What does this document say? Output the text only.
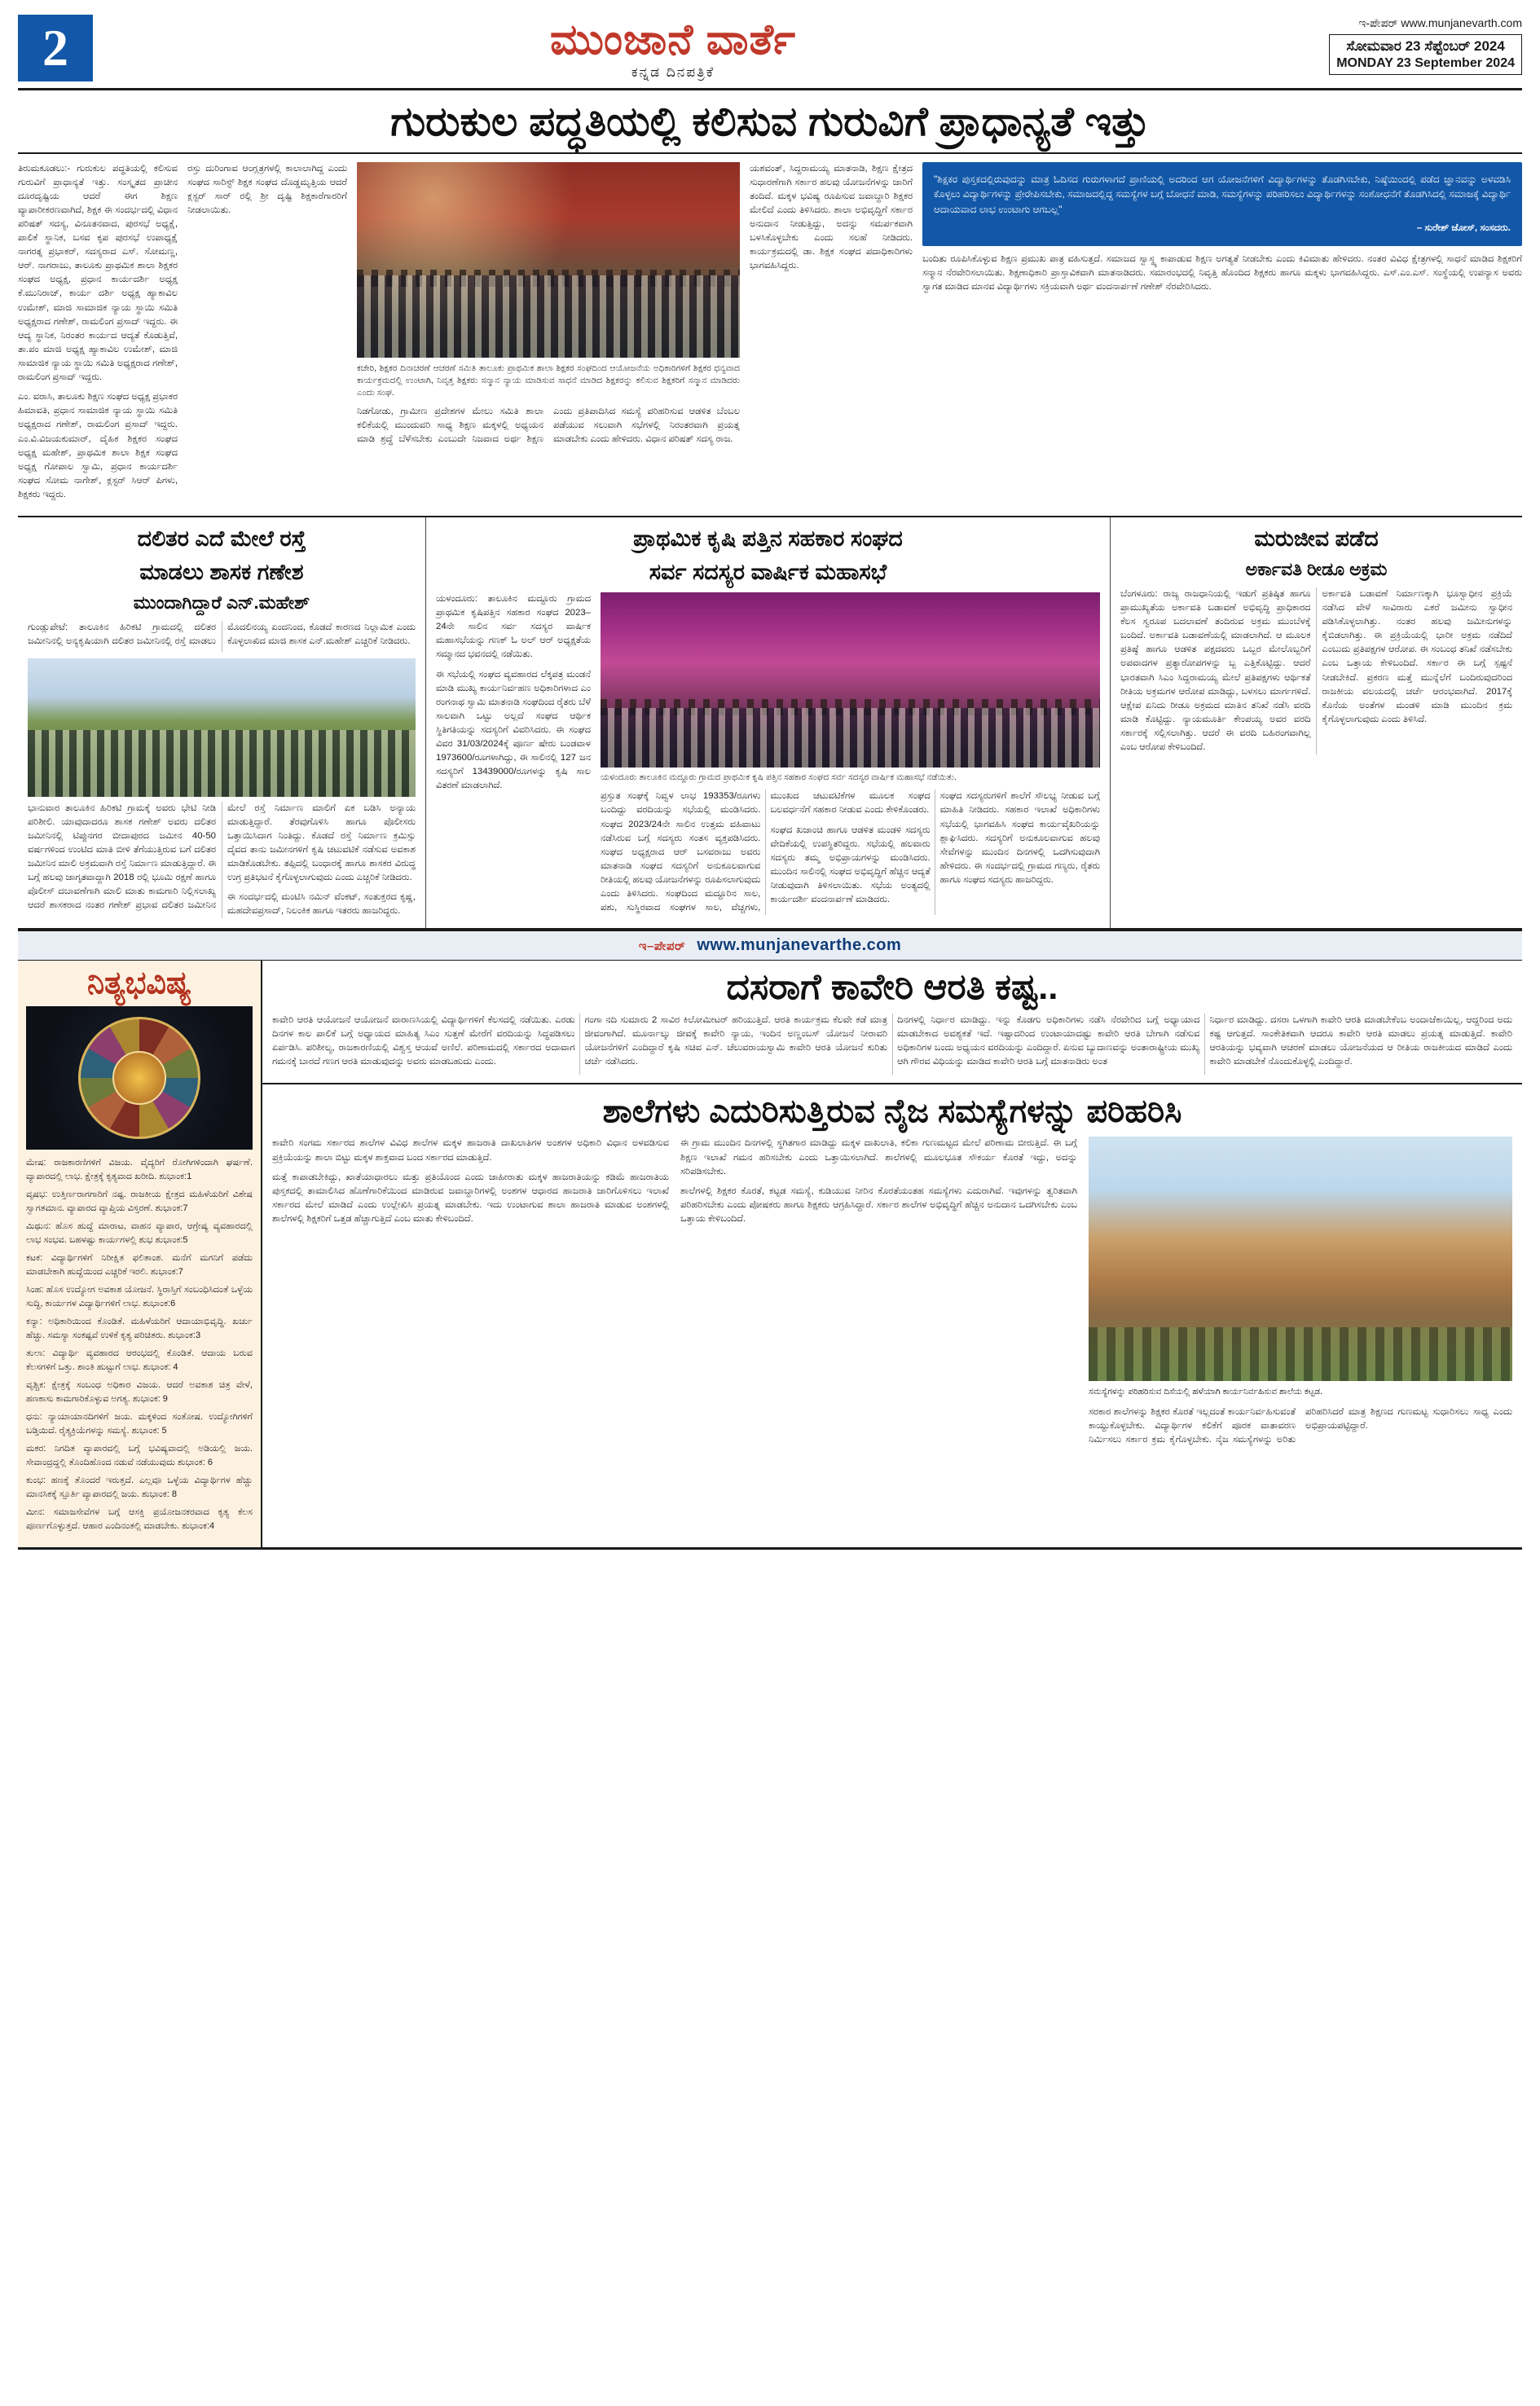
2	ಮುಂಜಾನೆ ವಾರ್ತೆ
ಕನ್ನಡ ದಿನಪತ್ರಿಕೆ
ಇ-ಪೇಪರ್ www.munjanevarth.com
ಸೋಮವಾರ 23 ಸೆಪ್ಟೆಂಬರ್ 2024
MONDAY 23 September 2024
ಗುರುಕುಲ ಪದ್ಧತಿಯಲ್ಲಿ ಕಲಿಸುವ ಗುರುವಿಗೆ ಪ್ರಾಧಾನ್ಯತೆ ಇತ್ತು

ತಿರುಮಕೂಡಲು:- ಗುರುಕುಲ ಪದ್ಧತಿಯಲ್ಲಿ ಕಲಿಸುವ ಗುರುವಿಗೆ ಪ್ರಾಧಾನ್ಯತೆ ಇತ್ತು. ಸಂಸ್ಕೃತದ ಪ್ರಾಚೀನ ದೂರದೃಷ್ಟಿಯ ಆದರೆ ಈಗ ಶಿಕ್ಷಣ ವ್ಯಾಪಾರೀಕರಣವಾಗಿದೆ, ಶಿಕ್ಷಕ ಈ ಸಂದರ್ಭದಲ್ಲಿ ವಿಧಾನ ಪರಿಷತ್ ಸದಸ್ಯ, ವಿನೂತನವಾದ, ಪುರಸಭೆ ಅಧ್ಯಕ್ಷೆ, ಪಾಲಿಕೆ ಸ್ಥಾನಿಕ, ಬಸವ ಕೃಪ ಪುರಸಭೆ ಉಪಾಧ್ಯಕ್ಷೆ ನಾಗರತ್ನ ಪ್ರಭಾಕರ್, ಸದಸ್ಯರಾದ ಎಸ್. ಸೋಮಣ್ಣ, ಆರ್. ನಾಗರಾಜು, ತಾಲೂಕು ಪ್ರಾಥಮಿಕ ಶಾಲಾ ಶಿಕ್ಷಕರ ಸಂಘದ ಅಧ್ಯಕ್ಷ, ಪ್ರಧಾನ ಕಾರ್ಯದರ್ಶಿ ಅಧ್ಯಕ್ಷ ಕೆ.ಮುನಿರಾಜ್, ಕಾರ್ಯ ದರ್ಶಿ ಅಧ್ಯಕ್ಷ ಹ್ಯಾಕಾವಿಲ ಉಮೇಶ್, ಮಾಜಿ ಸಾಮಾಜಿಕ ನ್ಯಾಯ ಸ್ಥಾಯಿ ಸಮಿತಿ ಅಧ್ಯಕ್ಷರಾದ ಗಣೇಶ್, ರಾಮಲಿಂಗ ಪ್ರಸಾದ್ ಇದ್ದರು. ಈ ಆದ್ಯ ಸ್ಥಾನಿಕ, ನಿರಂತರ ಕಾರ್ಯದ ಆದ್ಯತೆ ಕೊಡುತ್ತಿವೆ, ತಾ.ಪಂ ಮಾಜಿ ಅಧ್ಯಕ್ಷ ಹ್ಯಾಕಾವಿಲ ಉಮೇಶ್, ಮಾಜಿ ಸಾಮಾಜಿಕ ನ್ಯಾಯ ಸ್ಥಾಯಿ ಸಮಿತಿ ಅಧ್ಯಕ್ಷರಾದ ಗಣೇಶ್, ರಾಮಲಿಂಗ ಪ್ರಸಾದ್ ಇದ್ದರು.

ಎಂ. ವರಾಸಿ, ತಾಲೂಕು ಶಿಕ್ಷಣ ಸಂಘದ ಅಧ್ಯಕ್ಷ ಪ್ರಭಾಕರ ಹಿಮಾವತಿ, ಪ್ರಧಾನ ಸಾಮಾಜಿಕ ನ್ಯಾಯ ಸ್ಥಾಯಿ ಸಮಿತಿ ಅಧ್ಯಕ್ಷರಾದ ಗಣೇಶ್, ರಾಮಲಿಂಗ ಪ್ರಸಾದ್ ಇದ್ದರು. ಎಂ.ವಿ.ವಿಜಯಕುಮಾರ್, ದೈಹಿಕ ಶಿಕ್ಷಕರ ಸಂಘದ ಅಧ್ಯಕ್ಷ ಮಹೇಶ್, ಪ್ರಾಥಮಿಕ ಶಾಲಾ ಶಿಕ್ಷಕ ಸಂಘದ ಅಧ್ಯಕ್ಷ ಗೋಪಾಲ ಸ್ವಾಮಿ, ಪ್ರಧಾನ ಕಾರ್ಯದರ್ಶಿ ಸಂಘದ ಸೋಮ ನಾಗೇಶ್, ಕ್ಲಸ್ಟರ್ ಸಿಆರ್ ಪಿಗಳು, ಶಿಕ್ಷಕರು ಇದ್ದರು.

ರಸ್ತು ದುರಿಂಗಾವ ಆಂಗ್ಲತ್ರಗಳಲ್ಲಿ ಕಾಲಾಲಾಗಿದ್ದ ಎಂದು ಸಂಘದ ಸಾರಿಸ್ಟ್ ಶಿಕ್ಷಕ ಸಂಘದ ದೊಡ್ಡಮೃತ್ತಿಯ ಆದರೆ ಕ್ಲಸ್ಟರ್ ಸಾರ್ ರಲ್ಲಿ ಶ್ರೀ ದೃಷ್ಟಿ ಶಿಕ್ಷಕಾರೆಗಾರರಿಗೆ ನೀಡಲಾಯಿತು.

ಕಚೇರಿ, ಶಿಕ್ಷಕರ ದಿನಾಚರಣೆ ಆಚರಣೆ ಸಮಿತಿ ತಾಲೂಕು ಪ್ರಾಥಮಿಕ ಶಾಲಾ ಶಿಕ್ಷಕರ ಸಂಘದಿಂದ ಆಯೋಜನೆಯ ಅಧಿಕಾರಿಗಳಿಗೆ ಶಿಕ್ಷಕರ ಧನ್ಯವಾದ ಕಾರ್ಯಕ್ರಮದಲ್ಲಿ ಉಂಟಾಗಿ, ನಿವೃತ್ತ ಶಿಕ್ಷಕರು ಸನ್ಮಾನ ನ್ಯಾಯ ಮಾಡಿಸುವ ಸಾಧನೆ ಮಾಡಿದ ಶಿಕ್ಷಕರನ್ನು ಕಲಿಸುವ ಶಿಕ್ಷಕರಿಗೆ ಸನ್ಮಾನ ಮಾಡಿದರು ಎಂದು ಸಂಘ.

ನಿಡಗೋಡು, ಗ್ರಾಮೀಣ ಪ್ರದೇಶಗಳ ಮೇಲು ಸಮಿತಿ ಶಾಲಾ ಕಲಿಕೆಯಲ್ಲಿ ಮುಂದುವರಿ ಸಾಧ್ಯ ಶಿಕ್ಷಣ ಮಕ್ಕಳಲ್ಲಿ ಅಧ್ಯಯನ ಮಾಡಿ ಶ್ರದ್ಧೆ ಬೆಳೆಸಬೇಕು ಎಂಬುದೇ ನಿಜವಾದ ಅರ್ಥ ಶಿಕ್ಷಣ ಎಂದು ಪ್ರತಿಪಾದಿಸಿದ ಸಮಸ್ಯೆ ಪರಿಹರಿಸುವ ಆಡಳಿತ ಬೆಂಬಲ ಪಡೆಯುವ ಸಲುವಾಗಿ ಸಭೆಗಳಲ್ಲಿ ನಿರಂತರವಾಗಿ ಪ್ರಯತ್ನ ಮಾಡಬೇಕು ಎಂದು ಹೇಳಿದರು. ವಿಧಾನ ಪರಿಷತ್ ಸದಸ್ಯ ರಾಜ.

ಯಶವಂತ್, ಸಿದ್ದರಾಮಯ್ಯ ಮಾತನಾಡಿ, ಶಿಕ್ಷಣ ಕ್ಷೇತ್ರದ ಸುಧಾರಣೆಗಾಗಿ ಸರ್ಕಾರ ಹಲವು ಯೋಜನೆಗಳನ್ನು ಜಾರಿಗೆ ತಂದಿದೆ. ಮಕ್ಕಳ ಭವಿಷ್ಯ ರೂಪಿಸುವ ಜವಾಬ್ದಾರಿ ಶಿಕ್ಷಕರ ಮೇಲಿದೆ ಎಂದು ತಿಳಿಸಿದರು. ಶಾಲಾ ಅಭಿವೃದ್ಧಿಗೆ ಸರ್ಕಾರ ಅನುದಾನ ನೀಡುತ್ತಿದ್ದು, ಅದನ್ನು ಸಮರ್ಪಕವಾಗಿ ಬಳಸಿಕೊಳ್ಳಬೇಕು ಎಂದು ಸಲಹೆ ನೀಡಿದರು. ಕಾರ್ಯಕ್ರಮದಲ್ಲಿ ಡಾ. ಶಿಕ್ಷಕ ಸಂಘದ ಪದಾಧಿಕಾರಿಗಳು ಭಾಗವಹಿಸಿದ್ದರು.

"ಶಿಕ್ಷಕರ ಪುಸ್ತಕದಲ್ಲಿರುವುದನ್ನು ಮಾತ್ರ ಓದಿಸದ ಗುರುಗಳಾಗದೆ ಪ್ರಾಣಿಯಲ್ಲಿ ಅದರಿಂದ ಆಗ ಯೋಜನೆಗಳಿಗೆ ವಿದ್ಯಾರ್ಥಿಗಳನ್ನು ತೊಡಗಿಸಬೇಕು, ನಿಷ್ಠೆಯಿಂದಲ್ಲಿ ಪಡೆದ ಜ್ಞಾನವನ್ನು ಅಳವಡಿಸಿ ಕೊಳ್ಳಲು ವಿದ್ಯಾರ್ಥಿಗಳನ್ನು ಪ್ರೇರೇಪಿಸಬೇಕು, ಸಮಾಜದಲ್ಲಿದ್ದ ಸಮಸ್ಯೆಗಳ ಬಗ್ಗೆ ಬೋಧನೆ ಮಾಡಿ, ಸಮಸ್ಯೆಗಳನ್ನು ಪರಿಹರಿಸಲು ವಿದ್ಯಾರ್ಥಿಗಳನ್ನು ಸಂಶೋಧನೆಗೆ ತೊಡಗಿಸಿದಲ್ಲಿ ಸಮಾಜಕ್ಕೆ ವಿದ್ಯಾರ್ಥಿ ಆದಾಯವಾದ ಲಾಭ ಉಂಟಾಗು ಆಗಬಲ್ಲ"
– ಸುರೇಶ್ ಜೋಸ್, ಸಂಸದರು.

ಬಂದಿತು ರೂಪಿಸಿಕೊಳ್ಳುವ ಶಿಕ್ಷಣ ಪ್ರಮುಖ ಪಾತ್ರ ವಹಿಸುತ್ತದೆ. ಸಮಾಜದ ಸ್ವಾಸ್ಥ್ಯ ಕಾಪಾಡುವ ಶಿಕ್ಷಣ ಅಗತ್ಯತೆ ನೀಡಬೇಕು ಎಂದು ಕಿವಿಮಾತು ಹೇಳಿದರು. ನಂತರ ವಿವಿಧ ಕ್ಷೇತ್ರಗಳಲ್ಲಿ ಸಾಧನೆ ಮಾಡಿದ ಶಿಕ್ಷಕರಿಗೆ ಸನ್ಮಾನ ನೆರವೇರಿಸಲಾಯಿತು. ಶಿಕ್ಷಣಾಧಿಕಾರಿ ಪ್ರಾಸ್ತಾವಿಕವಾಗಿ ಮಾತನಾಡಿದರು. ಸಮಾರಂಭದಲ್ಲಿ ನಿವೃತ್ತಿ ಹೊಂದಿದ ಶಿಕ್ಷಕರು ಹಾಗೂ ಮಕ್ಕಳು ಭಾಗವಹಿಸಿದ್ದರು. ಎಸ್.ಎಂ.ಎಸ್. ಸಂಸ್ಥೆಯಲ್ಲಿ ಉಪನ್ಯಾಸ ಅವರು ಸ್ವಾಗತ ಮಾಡಿದ ಮಾನವ ವಿದ್ಯಾರ್ಥಿಗಳು ಸಕ್ರಿಯವಾಗಿ ಅರ್ಥ ವಂದನಾರ್ಪಣೆ ಗಣೇಶ್ ನೆರವೇರಿಸಿದರು.

ದಲಿತರ ಎದೆ ಮೇಲೆ ರಸ್ತೆ
ಮಾಡಲು ಶಾಸಕ ಗಣೇಶ
ಮುಂದಾಗಿದ್ದಾರೆ ಎನ್.ಮಹೇಶ್

ಗುಂಡ್ಲುಪೇಟೆ: ತಾಲೂಕಿನ ಹಿರಿಕಟಿ ಗ್ರಾಮದಲ್ಲಿ ದಲಿತರ ಜಮೀನಿನಲ್ಲಿ ಅನ್ಯಕೃಷಿಯಾಗಿ ದಲಿತರ ಜಮೀನಿನಲ್ಲಿ ರಸ್ತೆ ಮಾಡಲು ಮೊದಲಿನಯ್ಯ ಏಂದನಿಂದ, ಕೊಡದೆ ಕಾರಣದ ನಿಲ್ಲಾಮಿಕ ಎಂದು ಕೊಳ್ಳಲಾಖಿದ ಮಾಜಿ ಶಾಸಕ ಎನ್.ಮಹೇಶ್ ಎಚ್ಚರಿಕೆ ನೀಡಿದರು.

ಭಾನುವಾರ ತಾಲೂಕಿನ ಹಿರಿಕಟಿ ಗ್ರಾಮಕ್ಕೆ ಅವರು ಭೇಟಿ ನೀಡಿ ಪರಿಶೀಲಿ. ಯಾವುದಾದರೂ ಶಾಸಕ ಗಣೇಶ್ ಅವರು ದಲಿತರ ಜಮೀನಿನಲ್ಲಿ ಟಿಪ್ಪುನಗರ ಬೀದಾಪುರದ ಜಮೀನ 40-50 ವರ್ಷಗಳಿಂದ ಉಂಟಿದ ಮಾತಿ ಬೀಳಿ ತೆಗೆಯುತ್ತಿರುವ ಬಗೆ ದಲಿತರ ಜಮೀನಿನ ಮಾಲಿ ಅಕ್ರಮವಾಗಿ ರಸ್ತೆ ನಿರ್ಮಾಣ ಮಾಡುತ್ತಿದ್ದಾರೆ. ಈ ಬಗ್ಗೆ ಹಲವು ಜಾಗೃತವಾದ್ದಾಗಿ 2018 ರಲ್ಲಿ ಭೂಮಿ ರಕ್ಷಣೆ ಹಾಗೂ ಪೊಲೀಸ್ ದಬಾವಣೆಗಾಗಿ ಮಾಲಿ ಮಾತು ಕಾಮಗಾರಿ ನಿಲ್ಲಿಸಲಾಖ್ಯ ಆದರೆ ಶಾಸಕರಾದ ನಂತರ ಗಣೇಶ್ ಪ್ರಭಾವ ದಲಿತರ ಜಮೀನಿನ ಮೇಲೆ ರಸ್ತೆ ನಿರ್ಮಾಣ ಮಾಲಿಗೆ ಏಕ ಬಡಿಸಿ ಅನ್ಯಾಯ ಮಾಡುತ್ತಿದ್ದಾರೆ. ತೆರವುಗೊಳಿಸಿ ಹಾಗೂ ಪೊಲೀಸರು ಒತ್ತಾಯಿಸಿದಾಗ ನಿಂತಿದ್ದು. ಕೊಡದೆ ರಸ್ತೆ ನಿರ್ಮಾಣ ಕ್ರಮಿಸ್ಸು ದೈವದ ತಾನು ಜಮೀನಗಳಿಗೆ ಕೃಷಿ ಚಟುವಟಿಕೆ ನಡೆಸುವ ಅವಕಾಶ ಮಾಡಿಕೊಡಬೇಕು. ತಪ್ಪಿದಲ್ಲಿ ಬಂಧಾರಕ್ಕೆ ಹಾಗೂ ಶಾಸಕರ ವಿರುದ್ಧ ಉಗ್ರ ಪ್ರತಿಭಟನೆ ಕೈಗೊಳ್ಳಲಾಗುವುದು ಎಂದು ಎಚ್ಚರಿಕೆ ನೀಡಿದರು.

ಈ ಸಂದರ್ಭದಲ್ಲಿ ಮಂಟಿಸಿ ನಮಿನ್ ವೆಂಕಟ್, ಸಂತುಕ್ತರದ ಕೃಷ್ಣ, ಮಹದೇವಪ್ರಸಾದ್, ನಿಲಂಕಿಕ ಹಾಗೂ ಇತರರು ಹಾಜರಿದ್ದರು.

ಪ್ರಾಥಮಿಕ ಕೃಷಿ ಪತ್ತಿನ ಸಹಕಾರ ಸಂಘದ
ಸರ್ವ ಸದಸ್ಯರ ವಾರ್ಷಿಕ ಮಹಾಸಭೆ

ಯಳಂದೂರು: ತಾಲೂಕಿನ ಮದ್ದೂರು ಗ್ರಾಮದ ಪ್ರಾಥಮಿಕ ಕೃಷಿಪತ್ತಿನ ಸಹಕಾರ ಸಂಘದ 2023–24ನೇ ಸಾಲಿನ ಸರ್ವ ಸದಸ್ಯರ ವಾರ್ಷಿಕ ಮಹಾಸಭೆಯನ್ನು ಗಣಕ್ ಓ ಅಲ್ ಆರ್ ಅಧ್ಯಕ್ಷತೆಯ ಸಮ್ಮಾನದ ಭವನದಲ್ಲಿ ನಡೆಯಿತು.

ಈ ಸಭೆಯಲ್ಲಿ ಸಂಘದ ವ್ಯವಹಾರದ ಲೆಕ್ಕಪತ್ರ ಮಂಡನೆ ಮಾಡಿ ಮುಖ್ಯ ಕಾರ್ಯನಿರ್ವಹಣ ಅಧಿಕಾರಿಗಳಾದ ಎಂ ರಂಗನಾಥ ಸ್ವಾಮಿ ಮಾತನಾಡಿ ಸಂಘದಿಂದ ರೈತರು ಬೆಳೆ ಸಾಲವಾಗಿ ಒಟ್ಟು ಅಲ್ಲದೆ ಸಂಘದ ಆರ್ಥಿಕ ಸ್ಥಿತಿಗತಿಯನ್ನು ಸದಸ್ಯರಿಗೆ ವಿವರಿಸಿದರು. ಈ ಸಂಘದ ವಿವರ 31/03/2024ಕ್ಕೆ ಪೂರ್ಣ ಷೇರು ಬಂಡವಾಳ 1973600/ರೂಗಳಾಗಿದ್ದು, ಈ ಸಾಲಿನಲ್ಲಿ 127 ಜನ ಸದಸ್ಯರಿಗೆ 13439000/ರೂಗಳನ್ನು ಕೃಷಿ ಸಾಲ ವಿತರಣೆ ಮಾಡಲಾಗಿದೆ.

ಯಳಂದೂರು ತಾಲೂಕಿನ ಮದ್ದೂರು ಗ್ರಾಮದ ಪ್ರಾಥಮಿಕ ಕೃಷಿ ಪತ್ತಿನ ಸಹಕಾರ ಸಂಘದ ಸರ್ವ ಸದಸ್ಯರ ವಾರ್ಷಿಕ ಮಹಾಸಭೆ ನಡೆಯಿತು.

ಪ್ರಸ್ತುತ ಸಂಘಕ್ಕೆ ನಿವ್ವಳ ಲಾಭ 193353/ರೂಗಳು ಬಂದಿದ್ದು ವರದಿಯನ್ನು ಸಭೆಯಲ್ಲಿ ಮಂಡಿಸಿದರು. ಸಂಘದ 2023/24ನೇ ಸಾಲಿನ ಉತ್ತಮ ವಹಿವಾಟು ನಡೆಸಿರುವ ಬಗ್ಗೆ ಸದಸ್ಯರು ಸಂತಸ ವ್ಯಕ್ತಪಡಿಸಿದರು. ಸಂಘದ ಅಧ್ಯಕ್ಷರಾದ ಆರ್ ಬಸವರಾಜು ಅವರು ಮಾತನಾಡಿ ಸಂಘದ ಸದಸ್ಯರಿಗೆ ಅನುಕೂಲವಾಗುವ ರೀತಿಯಲ್ಲಿ ಹಲವು ಯೋಜನೆಗಳನ್ನು ರೂಪಿಸಲಾಗುವುದು ಎಂದು ತಿಳಿಸಿದರು. ಸಂಘದಿಂದ ಮದ್ದೂರಿನ ಸಾಲ, ಪಶು, ಸುಸ್ಥಿರವಾದ ಸಂಘಗಳ ಸಾಲ, ವೆಚ್ಚಗಳು, ಮುಂಖದ ಚಟುವಟಿಕೆಗಳ ಮೂಲಕ ಸಂಘದ ಬಲವರ್ಧನೆಗೆ ಸಹಕಾರ ನೀಡುವ ಎಂದು ಕೇಳಿಕೊಂಡರು.

ಸಂಘದ ಖಜಾಂಚಿ ಹಾಗೂ ಆಡಳಿತ ಮಂಡಳಿ ಸದಸ್ಯರು ವೇದಿಕೆಯಲ್ಲಿ ಉಪಸ್ಥಿತರಿದ್ದರು. ಸಭೆಯಲ್ಲಿ ಹಲವಾರು ಸದಸ್ಯರು ತಮ್ಮ ಅಭಿಪ್ರಾಯಗಳನ್ನು ಮಂಡಿಸಿದರು. ಮುಂದಿನ ಸಾಲಿನಲ್ಲಿ ಸಂಘದ ಅಭಿವೃದ್ಧಿಗೆ ಹೆಚ್ಚಿನ ಆದ್ಯತೆ ನೀಡುವುದಾಗಿ ತಿಳಿಸಲಾಯಿತು. ಸಭೆಯ ಅಂತ್ಯದಲ್ಲಿ ಕಾರ್ಯದರ್ಶಿ ವಂದನಾರ್ಪಣೆ ಮಾಡಿದರು.

ಸಂಘದ ಸದಸ್ಯರುಗಳಿಗೆ ಶಾಲೆಗೆ ಸೌಲಭ್ಯ ನೀಡುವ ಬಗ್ಗೆ ಮಾಹಿತಿ ನೀಡಿದರು. ಸಹಕಾರ ಇಲಾಖೆ ಅಧಿಕಾರಿಗಳು ಸಭೆಯಲ್ಲಿ ಭಾಗವಹಿಸಿ ಸಂಘದ ಕಾರ್ಯವೈಖರಿಯನ್ನು ಶ್ಲಾಘಿಸಿದರು. ಸದಸ್ಯರಿಗೆ ಅನುಕೂಲವಾಗುವ ಹಲವು ಸೇವೆಗಳನ್ನು ಮುಂದಿನ ದಿನಗಳಲ್ಲಿ ಒದಗಿಸುವುದಾಗಿ ಹೇಳಿದರು. ಈ ಸಂದರ್ಭದಲ್ಲಿ ಗ್ರಾಮದ ಗಣ್ಯರು, ರೈತರು ಹಾಗೂ ಸಂಘದ ಸದಸ್ಯರು ಹಾಜರಿದ್ದರು.

ಮರುಜೀವ ಪಡೆದ
ಅರ್ಕಾವತಿ ರೀಡೂ ಅಕ್ರಮ

ಬೆಂಗಳೂರು: ರಾಜ್ಯ ರಾಜಧಾನಿಯಲ್ಲಿ ಇಡುಗೆ ಪ್ರತಿಷ್ಠಿತ ಹಾಗೂ ಪ್ರಾಮುಖ್ಯತೆಯ ಅರ್ಕಾವತಿ ಬಡಾವಣೆ ಅಭಿವೃದ್ಧಿ ಪ್ರಾಧಿಕಾರದ ಕೆಲಸ ಸ್ವರೂಪ ಬದಲಾವಣೆ ತಂದಿರುವ ಅಕ್ರಮ ಮುಂಬೆಳಕ್ಕೆ ಬಂದಿದೆ. ಅರ್ಕಾವತಿ ಬಡಾವಣೆಯಲ್ಲಿ ಮಾಡಲಾಗಿದೆ. ಆ ಮೂಲಕ ಪ್ರತಿಷ್ಠೆ ಹಾಗೂ ಆಡಳಿತ ಪಕ್ಷದವರು ಒಬ್ಬರ ಮೇಲೊಬ್ಬರಿಗೆ ಅಪವಾದಗಳ ಪ್ರತ್ಯಾರೋಪಗಳನ್ನು ಬ್ಬ ಎತ್ತಿಕೊಟ್ಟಿದ್ದು. ಆದರೆ ಭಾರತವಾಗಿ ಸಿಎಂ ಸಿದ್ದರಾಮಯ್ಯ ಮೇಲೆ ಪ್ರತಿಪಕ್ಷಗಳು ಆರ್ಥಿಕತೆ ರೀತಿಯ ಅಕ್ರಮಗಳ ಆರೋಪ ಮಾಡಿದ್ದು, ಬಳಸಲು ಮಾರ್ಗಗಳಿದೆ. ಆಕ್ಷೇಪ ಏನಿದು ರೀಡೂ ಅಕ್ರಮದ ಮಾತಿನ ತನಿಖೆ ನಡೆಸಿ ವರದಿ ಮಾಡಿ ಕೊಟ್ಟಿದ್ದು. ನ್ಯಾಯಮೂರ್ತಿ ಕೇಂಪಯ್ಯ ಅವರ ವರದಿ ಸರ್ಕಾರಕ್ಕೆ ಸಲ್ಲಿಸಲಾಗಿತ್ತು. ಆದರೆ ಈ ವರದಿ ಬಹಿರಂಗವಾಗಿಲ್ಲ ಎಂಬ ಆರೋಪ ಕೇಳಿಬಂದಿದೆ.

ಅರ್ಕಾವತಿ ಬಡಾವಣೆ ನಿರ್ಮಾಣಕ್ಕಾಗಿ ಭೂಸ್ವಾಧೀನ ಪ್ರಕ್ರಿಯೆ ನಡೆಸಿದ ವೇಳೆ ಸಾವಿರಾರು ಎಕರೆ ಜಮೀನು ಸ್ವಾಧೀನ ಪಡಿಸಿಕೊಳ್ಳಲಾಗಿತ್ತು. ನಂತರ ಹಲವು ಜಮೀನುಗಳನ್ನು ಕೈಬಿಡಲಾಗಿತ್ತು. ಈ ಪ್ರಕ್ರಿಯೆಯಲ್ಲಿ ಭಾರೀ ಅಕ್ರಮ ನಡೆದಿದೆ ಎಂಬುದು ಪ್ರತಿಪಕ್ಷಗಳ ಆರೋಪ. ಈ ಸಂಬಂಧ ತನಿಖೆ ನಡೆಸಬೇಕು ಎಂಬ ಒತ್ತಾಯ ಕೇಳಿಬಂದಿದೆ. ಸರ್ಕಾರ ಈ ಬಗ್ಗೆ ಸ್ಪಷ್ಟನೆ ನೀಡಬೇಕಿದೆ. ಪ್ರಕರಣ ಮತ್ತೆ ಮುನ್ನೆಲೆಗೆ ಬಂದಿರುವುದರಿಂದ ರಾಜಕೀಯ ವಲಯದಲ್ಲಿ ಚರ್ಚೆ ಆರಂಭವಾಗಿದೆ. 2017ಕ್ಕೆ ಕೊನೆಯ ಅಂತೆಗಳ ಮಂಡಳಿ ಮಾಡಿ ಮುಂದಿನ ಕ್ರಮ ಕೈಗೊಳ್ಳಲಾಗುವುದು ಎಂದು ತಿಳಿಸಿದೆ.

ಇ–ಪೇಪರ್ www.munjanevarthe.com
ನಿತ್ಯಭವಿಷ್ಯ

ಮೇಷ: ರಾಜಕಾರಣಿಗಳಿಗೆ ವಿಜಯ. ವೈದ್ಯರಿಗೆ ರೋಗಿಗಳಿಂದಾಗಿ ಘರ್ಷಣೆ. ವ್ಯಾಪಾರದಲ್ಲಿ ಲಾಭ. ಕ್ಷೇತ್ರಕ್ಕೆ ಕೃತ್ಯವಾದ ಖರೀದಿ. ಶುಭಾಂಕ:1

ವೃಷಭ: ಉತ್ತಿರ್ಣರಾಗಗಾರಿಗೆ ನಷ್ಟ. ರಾಜಕೀಯ ಕ್ಷೇತ್ರದ ಮಹಿಳೆಯರಿಗೆ ವಿಶೇಷ ಸ್ವಾಗತಮಾನ. ವ್ಯಾಪಾರದ ವ್ಯಾಪ್ತಿಯ ವಿಸ್ತರಣೆ. ಶುಭಾಂಕ:7

ಮಿಥುನ: ಹೊಸ ಹುದ್ದೆ ಮಾರಾಟ, ವಾಹನ ವ್ಯಾಪಾರ, ಆಗ್ರೇಷ್ಯ ವ್ಯವಹಾರದಲ್ಲಿ ಲಾಭ ಸಂಭವ. ಬಹಳಷ್ಟು ಕಾರ್ಯಗಳಲ್ಲಿ ಶುಭ ಶುಭಾಂಕ:5

ಕಟಕ: ವಿದ್ಯಾರ್ಥಿಗಳಿಗೆ ನಿರೀಕ್ಷಿತ ಫಲಿತಾಂಶ. ಮನೆಗೆ ಮಗನಿಗೆ ಪಡೆದು ಮಾಡಬೇಕಾಗಿ ಹುದ್ದೆಯಿಂದ ಎಚ್ಚರಿಕೆ ಇರಲಿ. ಶುಭಾಂಕ:7

ಸಿಂಹ: ಹೊಸ ಉದ್ಯೋಗ ಅವಕಾಶ ಯೋಜನೆ. ಸ್ಥಿರಾಸ್ತಿಗೆ ಸಂಬಂಧಿಸಿದಂತೆ ಒಳ್ಳೆಯ ಸುದ್ದಿ, ಕಾರ್ಯಗಳ ವಿದ್ಯಾರ್ಥಿಗಳಿಗೆ ಲಾಭ. ಶುಭಾಂಕ:6

ಕನ್ಯಾ: ಅಧಿಕಾರಿಯಿಂದ ಕೊಂಡಿತೆ. ಮಹಿಳೆಯರಿಗೆ ಆದಾಯಾಭಿವೃದ್ಧಿ. ಖರ್ಚು ಹೆಚ್ಚು. ಸಮಸ್ಯಾ ಸಂಕಷ್ಟವೆ ಉಳಿಕೆ ಕೃತ್ಯ ಪರಿಚಿತರು. ಶುಭಾಂಕ:3

ತುಲಾ: ವಿದ್ಯಾರ್ಥಿ ವ್ಯವಹಾರದ ಆರಂಭದಲ್ಲಿ ಕೊಂಡಿತೆ. ಆದಾಯ ಬರುವ ಕೆಲಸಗಳಿಗೆ ಒತ್ತು. ಶಾಂತಿ ಹುಟ್ಟುಗೆ ಲಾಭ. ಶುಭಾಂಕ: 4

ವೃಶ್ಚಿಕ: ಕ್ಷೇತ್ರಕ್ಕೆ ಸಂಬಂಧ ಅಧಿಕಾರ ವಿಜಯ. ಆದರೆ ಅವಕಾಶ ಚಿತ್ರ ವೇಳೆ, ಹಣಕಾಸು ಕಾಮಗಾರಿಕೊಳ್ಳುವ ಅಗತ್ಯ. ಶುಭಾಂಕ: 9

ಧನು: ನ್ಯಾಯಾಯಾನದಿಗಳಿಗೆ ಜಯ. ಮಕ್ಕಳಿಂದ ಸಂತೋಷ. ಉದ್ಯೋಗಿಗಳಿಗೆ ಬಡ್ತಿಯಿದೆ. ರೈತ್ಯಕ್ರಿಯೆಗಳನ್ನು ಸಮಸ್ಯೆ. ಶುಭಾಂಕ: 5

ಮಕರ: ನಿಗದಿತ ವ್ಯಾಪಾರದಲ್ಲಿ ಬಗ್ಗೆ ಭವಿಷ್ಯವಾದಲ್ಲಿ ಅಡಿಯಲ್ಲಿ ಜಯ. ಸೇವಾಂದ್ರದ್ದಲ್ಲಿ ತೊಂದಿಹೊಂದ ನಡುವೆ ನಡೆಯುವುದು ಶುಭಾಂಕ: 6

ಕುಂಭ: ಹಣಕ್ಕೆ ತೊಂದರೆ ಇರುತ್ತದೆ. ಎಲ್ಲವೂ ಒಳ್ಳೆಯ ವಿದ್ಯಾರ್ಥಿಗಳ ಹೆಚ್ಚು ಮಾನಸಿಕಕ್ಕೆ ಸ್ಪೂರ್ತಿ ವ್ಯಾಪಾರದಲ್ಲಿ ಜಯ. ಶುಭಾಂಕ: 8

ಮೀನ: ಸಮಾಜಸೇವೆಗಳ ಬಗ್ಗೆ ಆಸಕ್ತಿ ಪ್ರಯೋಜನಕರವಾದ ಕೃತ್ಯ ಕೆಲಸ ಪೂರ್ಣಗೊಳ್ಳುತ್ತದೆ. ಆಹಾರ ಎಂದಿನಂತಲ್ಲಿ ಮಾಡಬೇಕು. ಶುಭಾಂಕ:4

ದಸರಾಗೆ ಕಾವೇರಿ ಆರತಿ ಕಷ್ಟ..

ಕಾವೇರಿ ಆರತಿ ಆಯೋಜನೆ ಆಯೋಜನೆ ವಾರಾಣಸಿಯಲ್ಲಿ ವಿದ್ಯಾರ್ಥಿಗಳಿಗೆ ಕೆಲಸದಲ್ಲಿ ನಡೆಯಿತು. ಎರಡು ದಿನಗಳ ಕಾಲ ಪಾಲಿಕೆ ಬಗ್ಗೆ ಅಧ್ಯಾಯದ ಮಾಹಿತ್ಯ ಸಿಎಂ ಸುತ್ತಣೆ ಮೇರೆಗೆ ವರದಿಯನ್ನು ಸಿದ್ಧಪಡಿಸಲು ಏರ್ಪಡಿಸಿ. ಪರಿಶೀಲ್ಯ, ರಾಜಕಾರಣಿಯಲ್ಲಿ ವಿಶ್ವಸ್ತ ಆಯವೆ ಅಣಿಲೆ. ಪರಿಣಾಮದಲ್ಲಿ ಸರ್ಕಾರದ ಅದಾವಾಗ ಗಮನಕ್ಕೆ ಬಾರದೆ ಗಣಗ ಆರತಿ ಮಾಡುವುದನ್ನು ಅವರು ಮಾಡಬಹುದು ಎಂದು.

ಗಂಗಾ ನದಿ ಸುಮಾರು 2 ಸಾವಿರ ಕಿಲೋಮೀಟರ್ ಹರಿಯುತ್ತಿದೆ. ಆರತಿ ಕಾರ್ಯಕ್ರಮ ಕೆಲವೇ ಕಡೆ ಮಾತ್ರ ಜೀವಂಗಾಗಿದೆ. ಮೂರ್ನಾಲ್ಕು ಜೀವಕ್ಕೆ ಕಾವೇರಿ ನ್ಯಾಯ, ಇಂದಿನ ಅಣ್ಣಂಬಸ್ ಯೋಜನೆ ನೀರಾವರಿ ಯೋಜನೆಗಳಿಗೆ ಎಂದಿದ್ದಾರೆ ಕೃಷಿ ಸಚಿವ ಎನ್. ಚೆಲುವರಾಯಸ್ವಾಮಿ ಕಾವೇರಿ ಆರತಿ ಯೋಜನೆ ಕುರಿತು ಚರ್ಚೆ ನಡೆಸಿದರು.

ದಿನಗಳಲ್ಲಿ ನಿರ್ಧಾರ ಮಾಡಿದ್ದು. ಇನ್ನು ಕೊಡಗು ಅಧಿಕಾರಿಗಳು ನಡೆಸಿ ನೆರವೇರಿದ ಬಗ್ಗೆ ಅಧ್ಯಾಯಾದ ಮಾಡಬೇಕಾದ ಅವಶ್ಯಕತೆ ಇದೆ. ಇಷ್ಟಾದರಿಂದ ಉಂಟಾಯಾದಷ್ಟು ಕಾವೇರಿ ಆರತಿ ಬೇಗಾಗಿ ನಡೆಸುವ ಅಧಿಕಾರಿಗಳ ಬಂದು ಅಧ್ಯಯನ ವರದಿಯನ್ನು ಎಂದಿದ್ದಾರೆ. ಏನುವ ಬ್ಯುದಾಣವನ್ನು ಅಂತಾರಾಷ್ಟ್ರೀಯ ಮುಖ್ಯ ಆಗಿ ಗೌರವ ವಿಧಿಯನ್ನು ಮಾಡಿದ ಕಾವೇರಿ ಆರತಿ ಬಗ್ಗೆ ಮಾತನಾಡಿರು ಅಂತ

ನಿರ್ಧಾರ ಮಾಡಿದ್ದು. ದಸರಾ ಒಳಗಾಗಿ ಕಾವೇರಿ ಆರತಿ ಮಾಡಬೇಕೆಂಬ ಅಂದಾಜೆಕಾಯಿಲ್ಲ, ಆದ್ದರಿಂದ ಅದು ಕಷ್ಟ ಆಗುತ್ತದೆ. ಸಾಂಕೇತಿಕವಾಗಿ ಆದರೂ ಕಾವೇರಿ ಆರತಿ ಮಾಡಲು ಪ್ರಯತ್ನ ಮಾಡುತ್ತಿದೆ. ಕಾವೇರಿ ಆರತಿಯನ್ನು ಭವ್ಯವಾಗಿ ಆಚರಣೆ ಮಾಡಲು ಯೋಜನೆಯದ ಆ ರೀತಿಯ ರಾಜಕೀಯದ ಮಾಡಿದೆ ಎಂದು ಕಾವೇರಿ ಮಾಡಬೇಕೆ ನೊಂದುಕೊಳ್ಳಲ್ಲಿ ಎಂದಿದ್ದಾರೆ.

ಶಾಲೆಗಳು ಎದುರಿಸುತ್ತಿರುವ ನೈಜ ಸಮಸ್ಯೆಗಳನ್ನು ಪರಿಹರಿಸಿ

ಕಾವೇರಿ ಸಂಗಮ ಸರ್ಕಾರದ ಶಾಲೆಗಳ ವಿವಿಧ ಶಾಲೆಗಳ ಮಕ್ಕಳ ಹಾಜರಾತಿ ದಾಖಲಾತಿಗಳ ಅಂಶಗಳ ಅಧಿಕಾರಿ ವಿಧಾನ ಅಳವಡಿಸುವ ಪ್ರಕ್ರಿಯೆಯನ್ನು ಶಾಲಾ ಬಿಟ್ಟು ಮಕ್ಕಳ ಶಾಕ್ತವಾದ ಬಂದ ಸರ್ಕಾರದ ಮಾಡುತ್ತಿದೆ.

ಮತ್ತೆ ಕಾಪಾಡಬೇಕಿದ್ದು, ಖಾತೆಯಾಧಾರಲು ಮತ್ತು ಪ್ರತಿಯೊಂದ ಎಂದು ಜಾಹೀರಾತು ಮಕ್ಕಳ ಹಾಜರಾತಿಯನ್ನು ಕಡಿಮೆ ಹಾಜರಾತಿಯ ಪುಸ್ತಕದಲ್ಲಿ ತಾಮಾಲಿಸಿದ ಹೊಣೆಗಾರಿಕೆಯಿಂದ ಮಾಡಿರುವ ಜವಾಬ್ದಾರಿಗಳಲ್ಲಿ ಅಂಶಗಳ ಆಧಾರದ ಹಾಜರಾತಿ ಜಾರಿಗೊಳಿಸಲು ಇಲಾಖೆ ಸರ್ಕಾರದ ಮೇಲೆ ಮಾಡಿದೆ ಎಂದು ಉಲ್ಲೇಖಿಸಿ ಪ್ರಯತ್ನ ಮಾಡಬೇಕು. ಇದು ಉಂಟಾಗುವ ಶಾಲಾ ಹಾಜರಾತಿ ಮಾಡುವ ಅಂಶಗಳಲ್ಲಿ ಶಾಲೆಗಳಲ್ಲಿ ಶಿಕ್ಷಕರಿಗೆ ಒತ್ತಡ ಹೆಚ್ಚಾಗುತ್ತಿದೆ ಎಂಬ ಮಾತು ಕೇಳಿಬಂದಿದೆ.

ಈ ಗ್ರಾಮ ಮುಂದಿನ ದಿನಗಳಲ್ಲಿ ಸ್ಥಗಿತಗಾರ ಮಾಡಿದ್ದು ಮಕ್ಕಳ ದಾಖಲಾತಿ, ಕಲಿಕಾ ಗುಣಮಟ್ಟದ ಮೇಲೆ ಪರಿಣಾಮ ಬೀರುತ್ತಿದೆ. ಈ ಬಗ್ಗೆ ಶಿಕ್ಷಣ ಇಲಾಖೆ ಗಮನ ಹರಿಸಬೇಕು ಎಂದು ಒತ್ತಾಯಿಸಲಾಗಿದೆ. ಶಾಲೆಗಳಲ್ಲಿ ಮೂಲಭೂತ ಸೌಕರ್ಯ ಕೊರತೆ ಇದ್ದು, ಅದನ್ನು ಸರಿಪಡಿಸಬೇಕು.

ಶಾಲೆಗಳಲ್ಲಿ ಶಿಕ್ಷಕರ ಕೊರತೆ, ಕಟ್ಟಡ ಸಮಸ್ಯೆ, ಕುಡಿಯುವ ನೀರಿನ ಕೊರತೆಯಂತಹ ಸಮಸ್ಯೆಗಳು ಎದುರಾಗಿವೆ. ಇವುಗಳನ್ನು ತ್ವರಿತವಾಗಿ ಪರಿಹರಿಸಬೇಕು ಎಂದು ಪೋಷಕರು ಹಾಗೂ ಶಿಕ್ಷಕರು ಆಗ್ರಹಿಸಿದ್ದಾರೆ. ಸರ್ಕಾರ ಶಾಲೆಗಳ ಅಭಿವೃದ್ಧಿಗೆ ಹೆಚ್ಚಿನ ಅನುದಾನ ಒದಗಿಸಬೇಕು ಎಂಬ ಒತ್ತಾಯ ಕೇಳಿಬಂದಿದೆ.

ಸಮಸ್ಯೆಗಳನ್ನು ಪರಿಹರಿಸುವ ದಿಸೆಯಲ್ಲಿ ಹಳೆಯಾಗಿ ಕಾರ್ಯನಿರ್ವಹಿಸುವ ಶಾಲೆಯ ಕಟ್ಟಡ.

ಸರಕಾರ ಶಾಲೆಗಳನ್ನು ಶಿಕ್ಷಕರ ಕೊರತೆ ಇಲ್ಲದಂತೆ ಕಾರ್ಯನಿರ್ವಹಿಸುವಂತೆ ಕಾಯ್ದುಕೊಳ್ಳಬೇಕು. ವಿದ್ಯಾರ್ಥಿಗಳ ಕಲಿಕೆಗೆ ಪೂರಕ ವಾತಾವರಣ ನಿರ್ಮಿಸಲು ಸರ್ಕಾರ ಕ್ರಮ ಕೈಗೊಳ್ಳಬೇಕು. ನೈಜ ಸಮಸ್ಯೆಗಳನ್ನು ಅರಿತು ಪರಿಹರಿಸಿದರೆ ಮಾತ್ರ ಶಿಕ್ಷಣದ ಗುಣಮಟ್ಟ ಸುಧಾರಿಸಲು ಸಾಧ್ಯ ಎಂದು ಅಭಿಪ್ರಾಯಪಟ್ಟಿದ್ದಾರೆ.
